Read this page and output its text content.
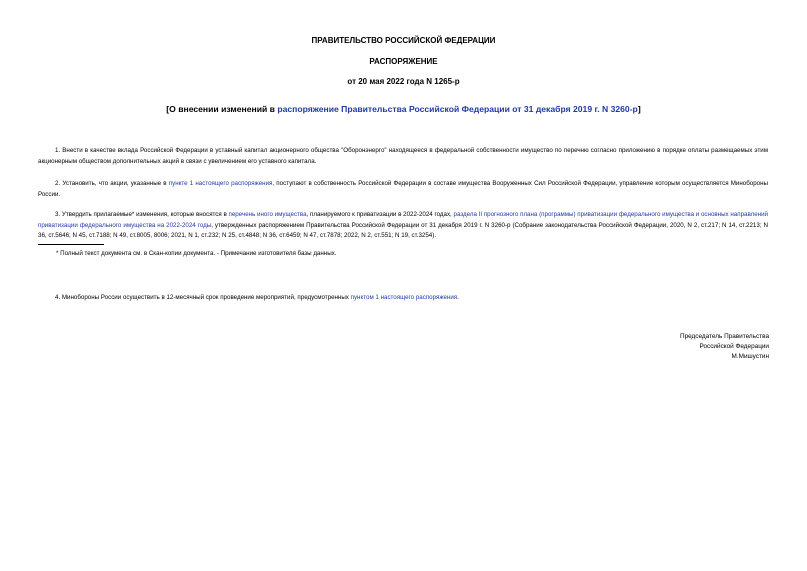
ПРАВИТЕЛЬСТВО РОССИЙСКОЙ ФЕДЕРАЦИИ
РАСПОРЯЖЕНИЕ
от 20 мая 2022 года N 1265-р
[О внесении изменений в распоряжение Правительства Российской Федерации от 31 декабря 2019 г. N 3260-р]
1. Внести в качестве вклада Российской Федерации в уставный капитал акционерного общества "Оборонэнерго" находящееся в федеральной собственности имущество по перечню согласно приложению в порядке оплаты размещаемых этим акционерным обществом дополнительных акций в связи с увеличением его уставного капитала.
2. Установить, что акции, указанные в пункте 1 настоящего распоряжения, поступают в собственность Российской Федерации в составе имущества Вооруженных Сил Российской Федерации, управление которым осуществляется Минобороны России.
3. Утвердить прилагаемые* изменения, которые вносятся в перечень иного имущества, планируемого к приватизации в 2022-2024 годах, раздела II прогнозного плана (программы) приватизации федерального имущества и основных направлений приватизации федерального имущества на 2022-2024 годы, утвержденных распоряжением Правительства Российской Федерации от 31 декабря 2019 г. N 3260-р (Собрание законодательства Российской Федерации, 2020, N 2, ст.217; N 14, ст.2213; N 36, ст.5646; N 45, ст.7188; N 49, ст.8005, 8006; 2021, N 1, ст.232; N 25, ст.4848; N 36, ст.6459; N 47, ст.7878; 2022, N 2, ст.551; N 19, ст.3254).
* Полный текст документа см. в Скан-копии документа. - Примечание изготовителя базы данных.
4. Минобороны России осуществить в 12-месячный срок проведение мероприятий, предусмотренных пунктом 1 настоящего распоряжения.
Председатель Правительства
Российской Федерации
М.Мишустин
